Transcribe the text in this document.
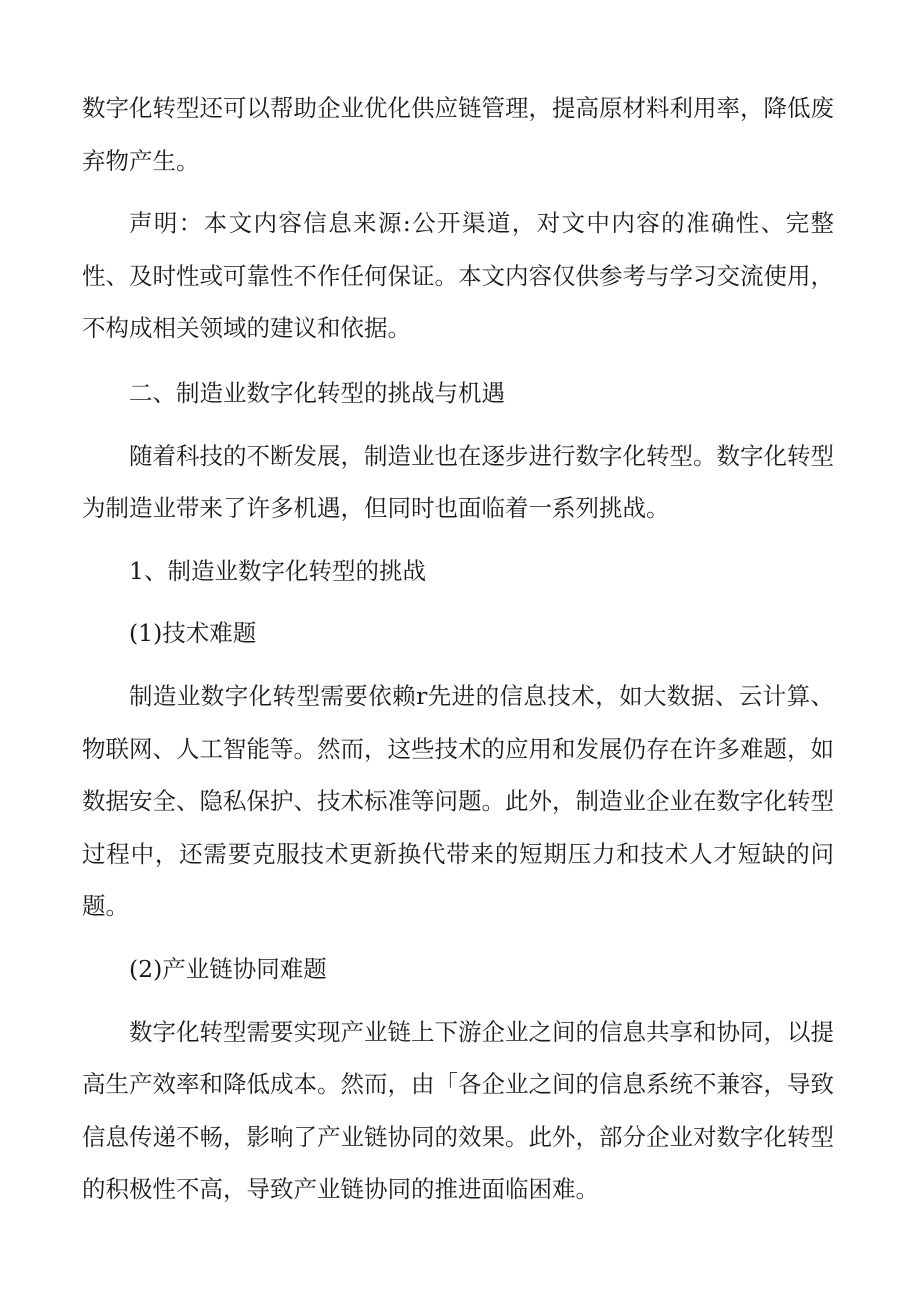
数字化转型还可以帮助企业优化供应链管理，提高原材料利用率，降低废弃物产生。

声明：本文内容信息来源:公开渠道，对文中内容的准确性、完整性、及时性或可靠性不作任何保证。本文内容仅供参考与学习交流使用，不构成相关领域的建议和依据。

二、制造业数字化转型的挑战与机遇

随着科技的不断发展，制造业也在逐步进行数字化转型。数字化转型为制造业带来了许多机遇，但同时也面临着一系列挑战。

1、制造业数字化转型的挑战

(1)技术难题

制造业数字化转型需要依赖r先进的信息技术，如大数据、云计算、物联网、人工智能等。然而，这些技术的应用和发展仍存在许多难题，如数据安全、隐私保护、技术标准等问题。此外，制造业企业在数字化转型过程中，还需要克服技术更新换代带来的短期压力和技术人才短缺的问题。

(2)产业链协同难题

数字化转型需要实现产业链上下游企业之间的信息共享和协同，以提高生产效率和降低成本。然而，由「各企业之间的信息系统不兼容，导致信息传递不畅，影响了产业链协同的效果。此外，部分企业对数字化转型的积极性不高，导致产业链协同的推进面临困难。
